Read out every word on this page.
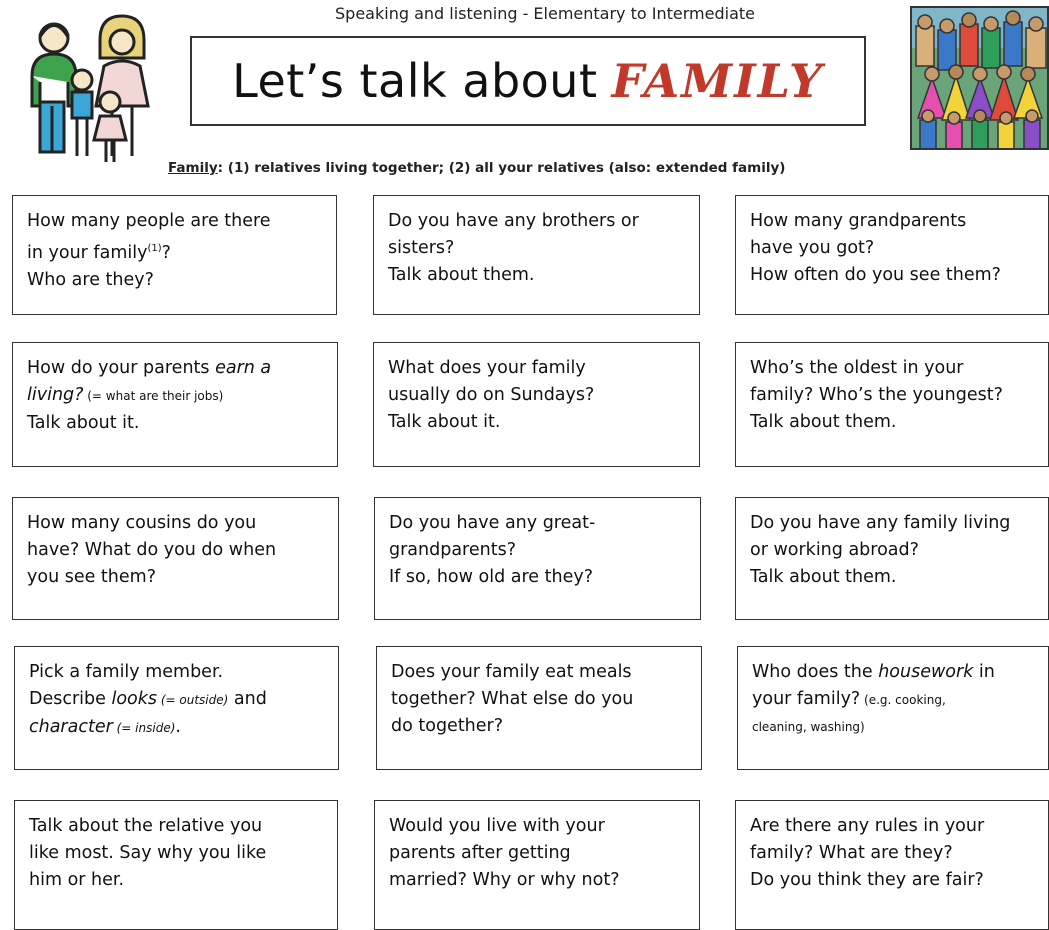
Speaking and listening - Elementary to Intermediate
Let’s talk about FAMILY
Family: (1) relatives living together; (2) all your relatives (also: extended family)
How many people are there
in your family$^{(1)}$?
Who are they?
Do you have any brothers or
sisters?
Talk about them.
How many grandparents
have you got?
How often do you see them?
How do your parents earn a
living? (= what are their jobs)
Talk about it.
What does your family
usually do on Sundays?
Talk about it.
Who’s the oldest in your
family? Who’s the youngest?
Talk about them.
How many cousins do you
have? What do you do when
you see them?
Do you have any great-
grandparents?
If so, how old are they?
Do you have any family living
or working abroad?
Talk about them.
Pick a family member.
Describe looks (= outside) and
character (= inside).
Does your family eat meals
together? What else do you
do together?
Who does the housework in
your family? (e.g. cooking,
cleaning, washing)
Talk about the relative you
like most. Say why you like
him or her.
Would you live with your
parents after getting
married? Why or why not?
Are there any rules in your
family? What are they?
Do you think they are fair?
